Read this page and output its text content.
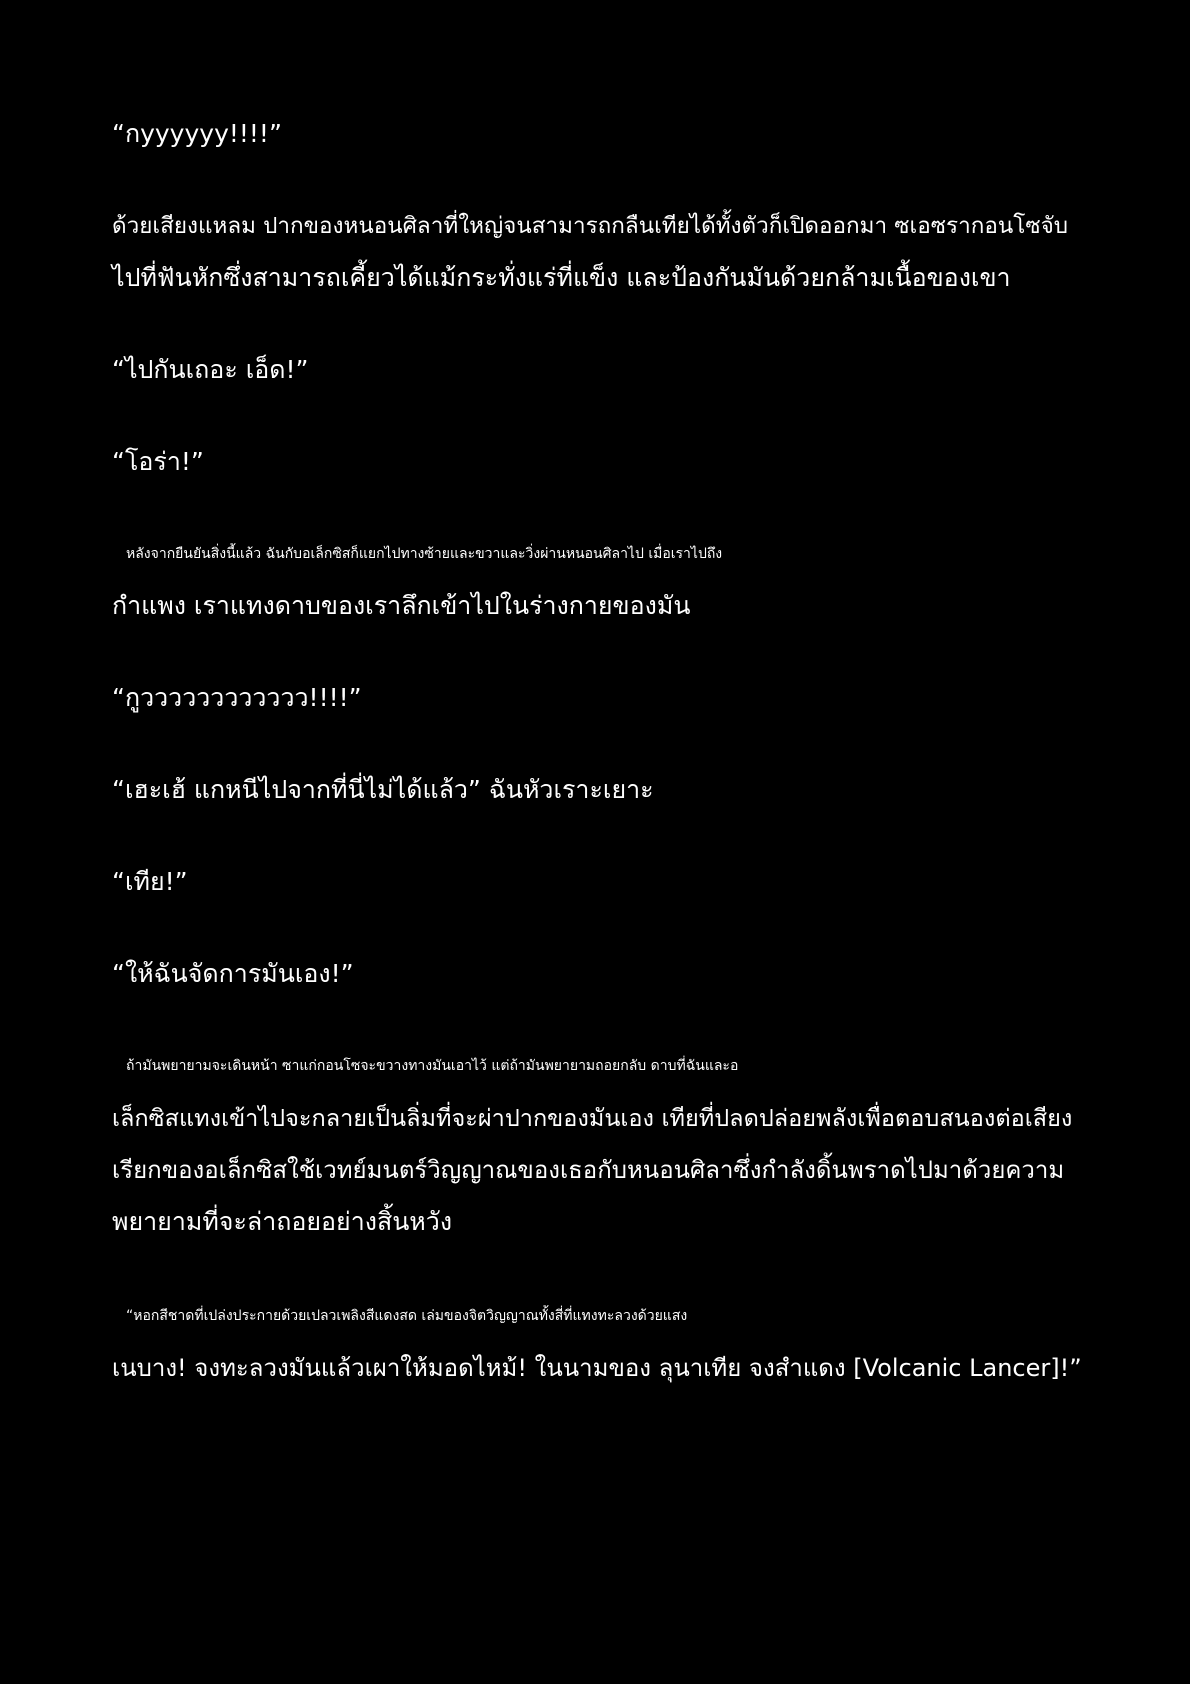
“กyyyyyy!!!!”

ด้วยเสียงแหลม ปากของหนอนศิลาที่ใหญ่จนสามารถกลืนเทียได้ทั้งตัวก็เปิดออกมา ซเอซรากอนโซจับ
ไปที่ฟันหักซึ่งสามารถเคี้ยวได้แม้กระทั่งแร่ที่แข็ง และป้องกันมันด้วยกล้ามเนื้อของเขา

“ไปกันเถอะ เอ็ด!”

“โอร่า!”

หลังจากยืนยันสิ่งนี้แล้ว ฉันกับอเล็กซิสก็แยกไปทางซ้ายและขวาและวิ่งผ่านหนอนศิลาไป เมื่อเราไปถึง
กำแพง เราแทงดาบของเราลึกเข้าไปในร่างกายของมัน

“กูวววววววววววว!!!!”

“เฮะเฮ้ แกหนีไปจากที่นี่ไม่ได้แล้ว” ฉันหัวเราะเยาะ

“เทีย!”

“ให้ฉันจัดการมันเอง!”

ถ้ามันพยายามจะเดินหน้า ซาแก่กอนโซจะขวางทางมันเอาไว้ แต่ถ้ามันพยายามถอยกลับ ดาบที่ฉันและอ
เล็กซิสแทงเข้าไปจะกลายเป็นลิ่มที่จะผ่าปากของมันเอง เทียที่ปลดปล่อยพลังเพื่อตอบสนองต่อเสียง
เรียกของอเล็กซิสใช้เวทย์มนตร์วิญญาณของเธอกับหนอนศิลาซึ่งกำลังดิ้นพราดไปมาด้วยความ
พยายามที่จะล่าถอยอย่างสิ้นหวัง

“หอกสีชาดที่เปล่งประกายด้วยเปลวเพลิงสีแดงสด เล่มของจิตวิญญาณทั้งสี่ที่แทงทะลวงด้วยแสง
เนบาง! จงทะลวงมันแล้วเผาให้มอดไหม้! ในนามของ ลุนาเทีย จงสำแดง [Volcanic Lancer]!”
